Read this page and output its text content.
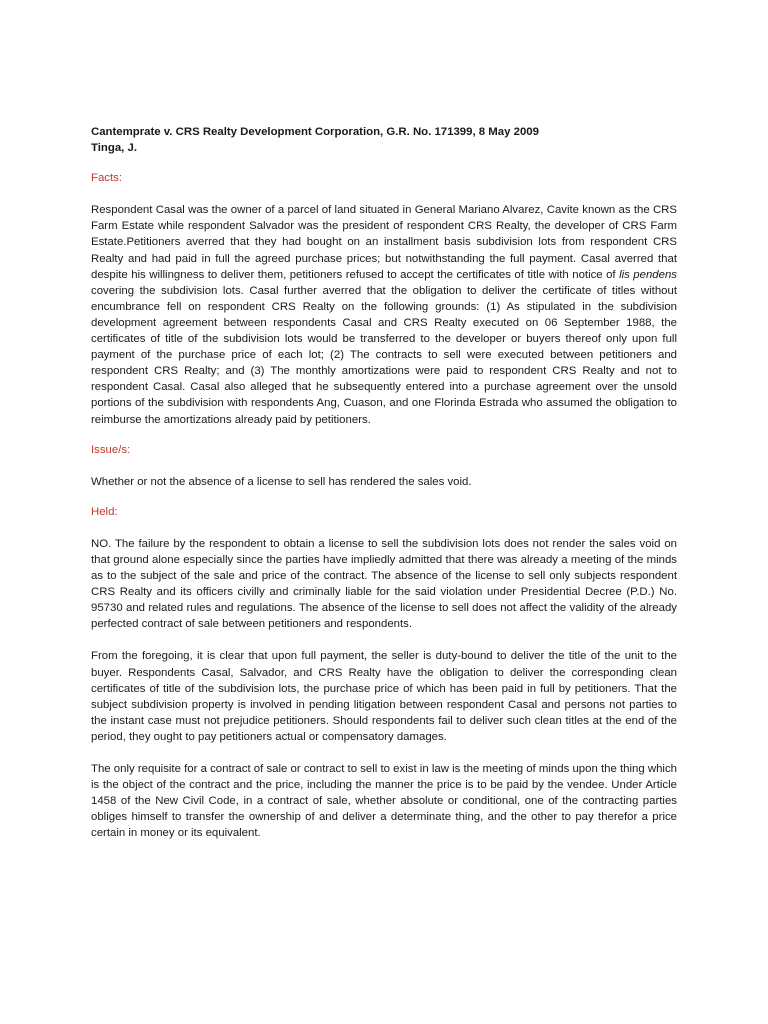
Cantemprate v. CRS Realty Development Corporation, G.R. No. 171399, 8 May 2009

Tinga, J.

Facts:

Respondent Casal was the owner of a parcel of land situated in General Mariano Alvarez, Cavite known as the CRS Farm Estate while respondent Salvador was the president of respondent CRS Realty, the developer of CRS Farm Estate.Petitioners averred that they had bought on an installment basis subdivision lots from respondent CRS Realty and had paid in full the agreed purchase prices; but notwithstanding the full payment. Casal averred that despite his willingness to deliver them, petitioners refused to accept the certificates of title with notice of lis pendens covering the subdivision lots. Casal further averred that the obligation to deliver the certificate of titles without encumbrance fell on respondent CRS Realty on the following grounds: (1) As stipulated in the subdivision development agreement between respondents Casal and CRS Realty executed on 06 September 1988, the certificates of title of the subdivision lots would be transferred to the developer or buyers thereof only upon full payment of the purchase price of each lot; (2) The contracts to sell were executed between petitioners and respondent CRS Realty; and (3) The monthly amortizations were paid to respondent CRS Realty and not to respondent Casal. Casal also alleged that he subsequently entered into a purchase agreement over the unsold portions of the subdivision with respondents Ang, Cuason, and one Florinda Estrada who assumed the obligation to reimburse the amortizations already paid by petitioners.

Issue/s:

Whether or not the absence of a license to sell has rendered the sales void.

Held:

NO. The failure by the respondent to obtain a license to sell the subdivision lots does not render the sales void on that ground alone especially since the parties have impliedly admitted that there was already a meeting of the minds as to the subject of the sale and price of the contract. The absence of the license to sell only subjects respondent CRS Realty and its officers civilly and criminally liable for the said violation under Presidential Decree (P.D.) No. 95730 and related rules and regulations. The absence of the license to sell does not affect the validity of the already perfected contract of sale between petitioners and respondents.

From the foregoing, it is clear that upon full payment, the seller is duty-bound to deliver the title of the unit to the buyer. Respondents Casal, Salvador, and CRS Realty have the obligation to deliver the corresponding clean certificates of title of the subdivision lots, the purchase price of which has been paid in full by petitioners. That the subject subdivision property is involved in pending litigation between respondent Casal and persons not parties to the instant case must not prejudice petitioners. Should respondents fail to deliver such clean titles at the end of the period, they ought to pay petitioners actual or compensatory damages.

The only requisite for a contract of sale or contract to sell to exist in law is the meeting of minds upon the thing which is the object of the contract and the price, including the manner the price is to be paid by the vendee. Under Article 1458 of the New Civil Code, in a contract of sale, whether absolute or conditional, one of the contracting parties obliges himself to transfer the ownership of and deliver a determinate thing, and the other to pay therefor a price certain in money or its equivalent.
